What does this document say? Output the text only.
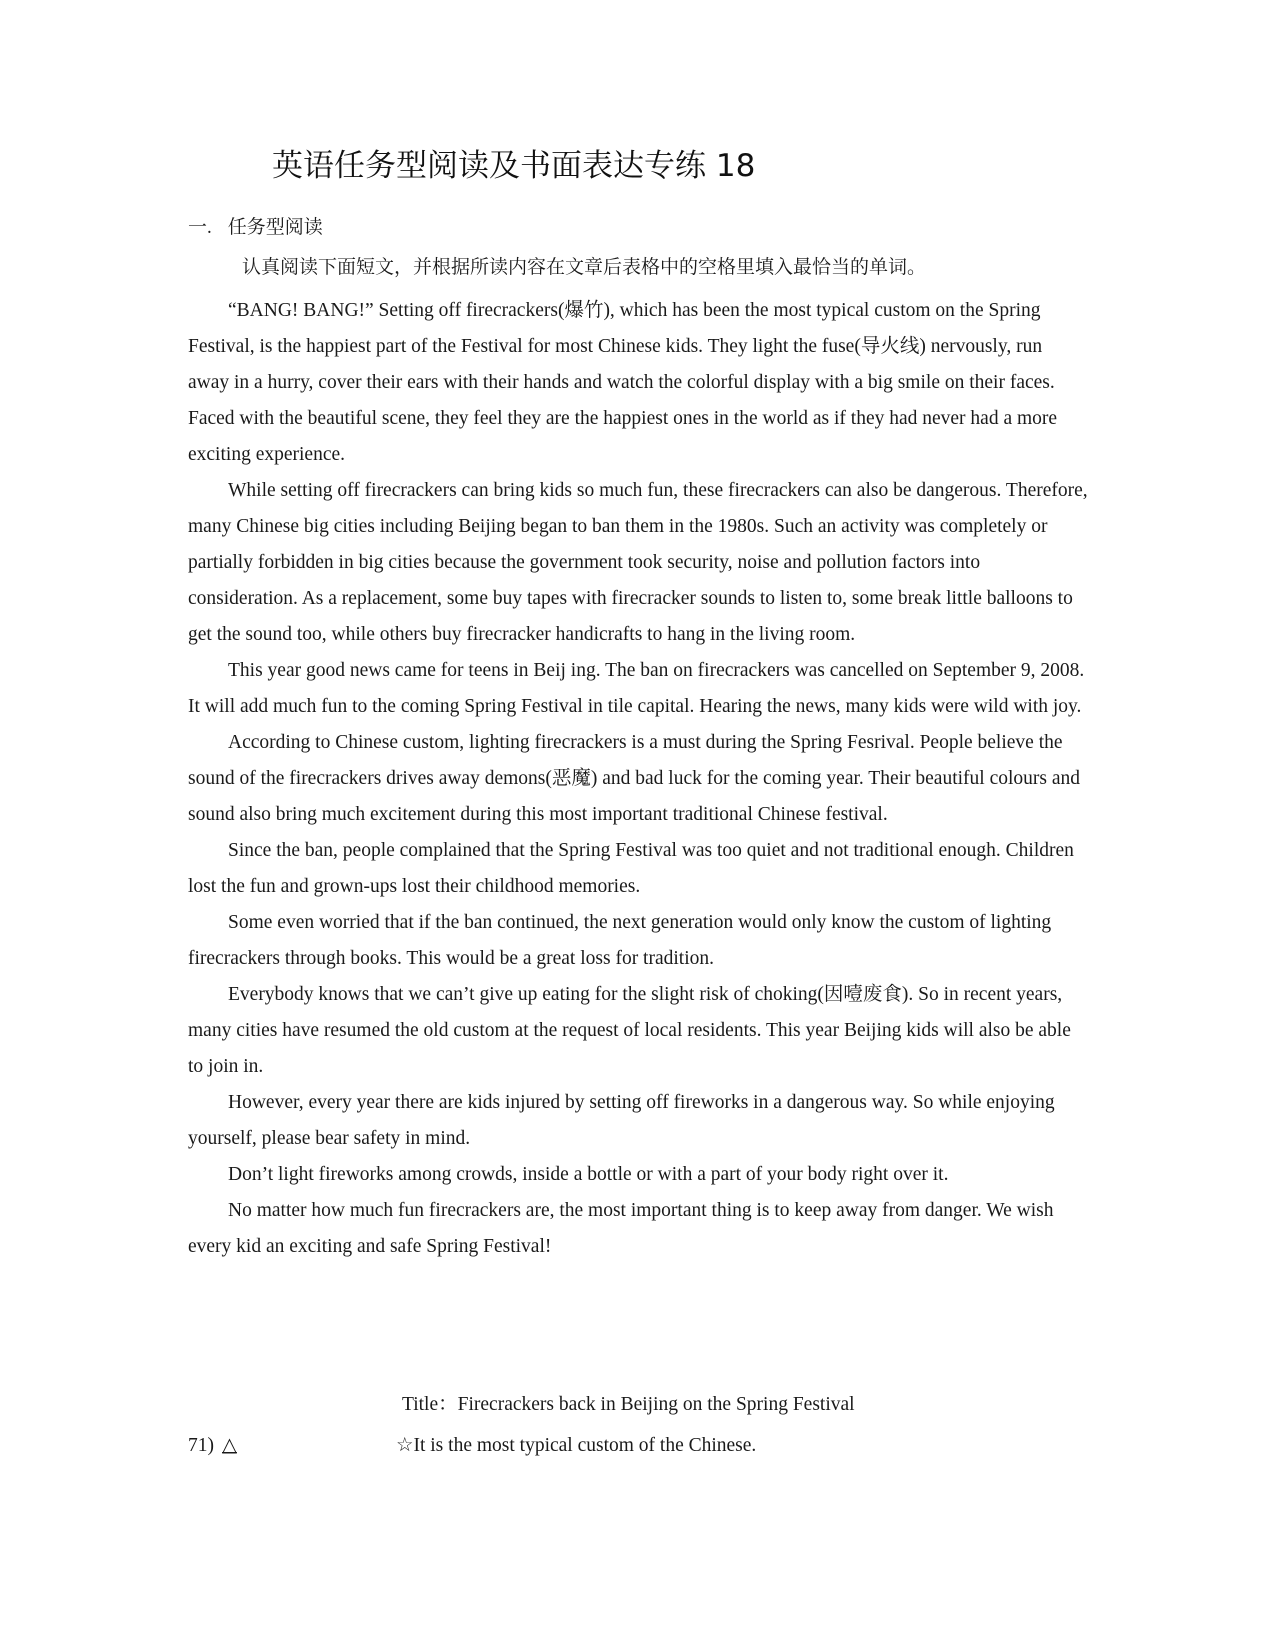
英语任务型阅读及书面表达专练 18
一. 任务型阅读
认真阅读下面短文，并根据所读内容在文章后表格中的空格里填入最恰当的单词。

“BANG! BANG!” Setting off firecrackers(爆竹), which has been the most typical custom on the Spring Festival, is the happiest part of the Festival for most Chinese kids. They light the fuse(导火线) nervously, run away in a hurry, cover their ears with their hands and watch the colorful display with a big smile on their faces. Faced with the beautiful scene, they feel they are the happiest ones in the world as if they had never had a more exciting experience.

While setting off firecrackers can bring kids so much fun, these firecrackers can also be dangerous. Therefore, many Chinese big cities including Beijing began to ban them in the 1980s. Such an activity was completely or partially forbidden in big cities because the government took security, noise and pollution factors into consideration. As a replacement, some buy tapes with firecracker sounds to listen to, some break little balloons to get the sound too, while others buy firecracker handicrafts to hang in the living room.

This year good news came for teens in Beij ing. The ban on firecrackers was cancelled on September 9, 2008. It will add much fun to the coming Spring Festival in tile capital. Hearing the news, many kids were wild with joy.

According to Chinese custom, lighting firecrackers is a must during the Spring Fesrival. People believe the sound of the firecrackers drives away demons(恶魔) and bad luck for the coming year. Their beautiful colours and sound also bring much excitement during this most important traditional Chinese festival.

Since the ban, people complained that the Spring Festival was too quiet and not traditional enough. Children lost the fun and grown-ups lost their childhood memories.

Some even worried that if the ban continued, the next generation would only know the custom of lighting firecrackers through books. This would be a great loss for tradition.

Everybody knows that we can’t give up eating for the slight risk of choking(因噎废食). So in recent years, many cities have resumed the old custom at the request of local residents. This year Beijing kids will also be able to join in.

However, every year there are kids injured by setting off fireworks in a dangerous way. So while enjoying yourself, please bear safety in mind.

Don’t light fireworks among crowds, inside a bottle or with a part of your body right over it.

No matter how much fun firecrackers are, the most important thing is to keep away from danger. We wish every kid an exciting and safe Spring Festival!

Title：Firecrackers back in Beijing on the Spring Festival
71) △	☆It is the most typical custom of the Chinese.
